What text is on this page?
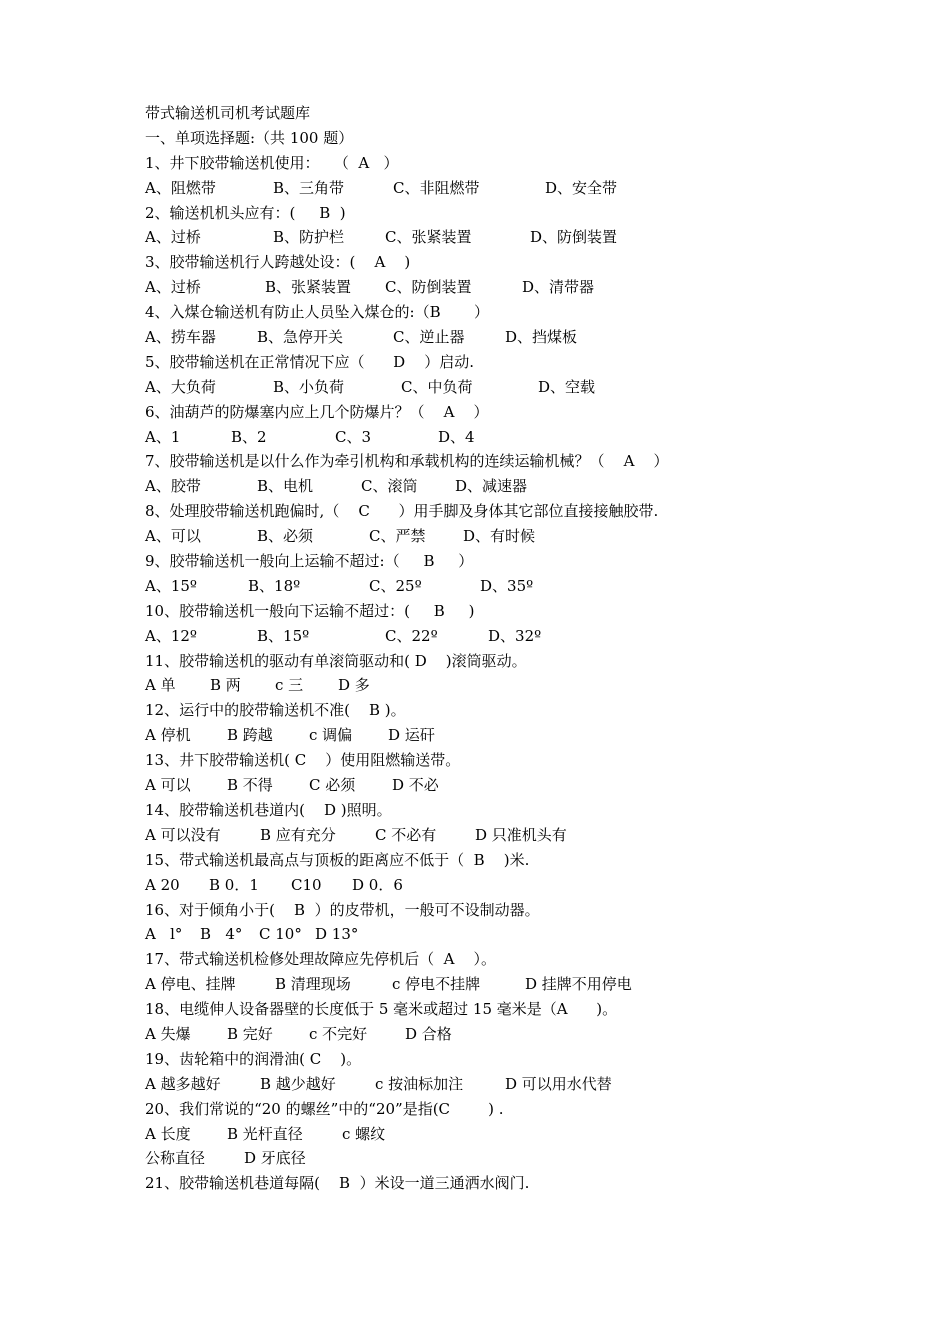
带式输送机司机考试题库
一、单项选择题:（共 100 题）
1、井下胶带输送机使用：   （  A   ）
A、阻燃带	B、三角带	C、非阻燃带	D、安全带
2、输送机机头应有：(     B  )
A、过桥	B、防护栏	C、张紧装置	D、防倒装置
3、胶带输送机行人跨越处设：(    A    )
A、过桥	B、张紧装置 C、防倒装置	D、清带器
4、入煤仓输送机有防止人员坠入煤仓的:（B       ）
A、捞车器	B、急停开关	C、逆止器	D、挡煤板
5、胶带输送机在正常情况下应（      D    ）启动.
A、大负荷	B、小负荷	C、中负荷	D、空载
6、油葫芦的防爆塞内应上几个防爆片？（    A    ）
A、1	B、2	C、3	D、4
7、胶带输送机是以什么作为牵引机构和承载机构的连续运输机械？（    A    ）
A、胶带	B、电机	C、滚筒	D、减速器
8、处理胶带输送机跑偏时,（    C      ）用手脚及身体其它部位直接接触胶带.
A、可以	B、必须	C、严禁	D、有时候
9、胶带输送机一般向上运输不超过:（     B     ）
A、15º	B、18º	C、25º	D、35º
10、胶带输送机一般向下运输不超过：(     B     )
A、12º	B、15º	C、22º	D、32º
11、胶带输送机的驱动有单滚筒驱动和( D    )滚筒驱动。
A 单 B 两 c 三 D 多
12、运行中的胶带输送机不准(    B )。
A 停机 B 跨越 c 调偏 D 运矸
13、井下胶带输送机( C    ）使用阻燃输送带。
A 可以 B 不得 C 必须 D 不必
14、胶带输送机巷道内(    D )照明。
A 可以没有	B 应有充分	C 不必有	D 只准机头有
15、带式输送机最高点与顶板的距离应不低于（  B    )米.
A 20 B 0．1 C10 D 0．6
16、对于倾角小于(    B  ）的皮带机，一般可不设制动器。
A   l° B   4° C 10° D 13°
17、带式输送机检修处理故障应先停机后（  A    ）。
A 停电、挂牌	B 清理现场	c 停电不挂牌	D 挂牌不用停电
18、电缆伸人设备器壁的长度低于 5 毫米或超过 15 毫米是（A      )。
A 失爆 B 完好 c 不完好	D 合格
19、齿轮箱中的润滑油( C    )。
A 越多越好	B 越少越好	c 按油标加注	D 可以用水代替
20、我们常说的“20 的螺丝”中的“20”是指(C        ) .
A 长度 B 光杆直径	c 螺纹
公称直径	D 牙底径
21、胶带输送机巷道每隔(    B  ）米设一道三通洒水阀门.
